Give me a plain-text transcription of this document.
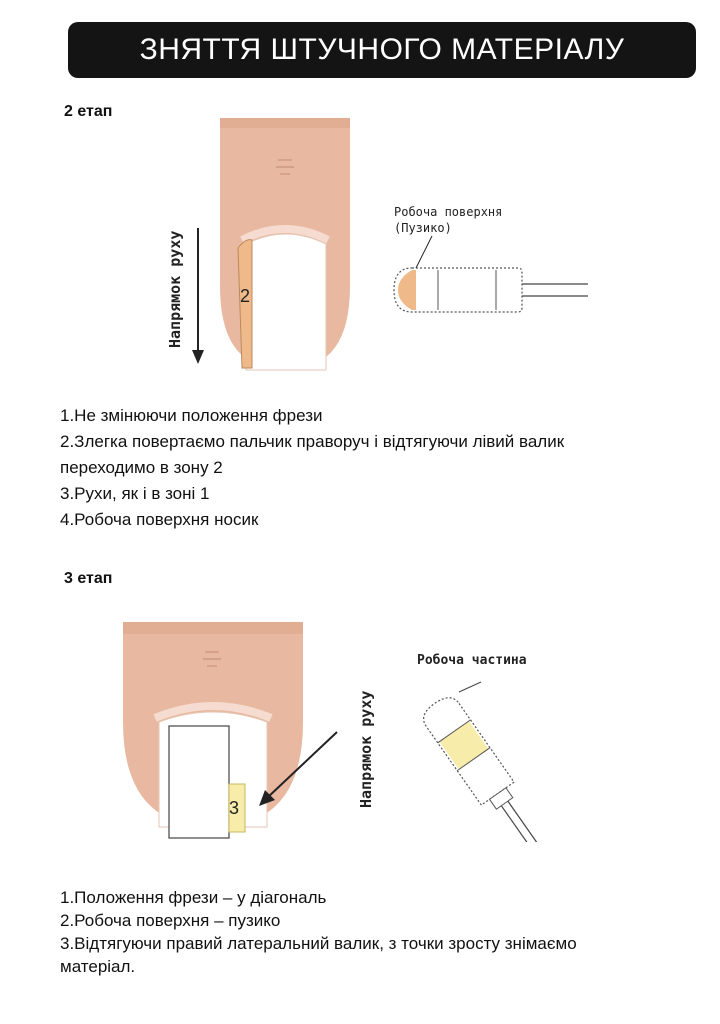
ЗНЯТТЯ ШТУЧНОГО МАТЕРІАЛУ
2 етап
Напрямок руху	2
Робоча поверхня
(Пузико)
1.Не змінюючи положення фрези
2.Злегка повертаємо пальчик праворуч і відтягуючи лівий валик
переходимо в зону 2
3.Рухи, як і в зоні 1
4.Робоча поверхня носик
3 етап
3	Напрямок руху
Робоча частина
1.Положення фрези – у діагональ
2.Робоча поверхня – пузико
3.Відтягуючи правий латеральний валик, з точки зросту знімаємо
матеріал.
